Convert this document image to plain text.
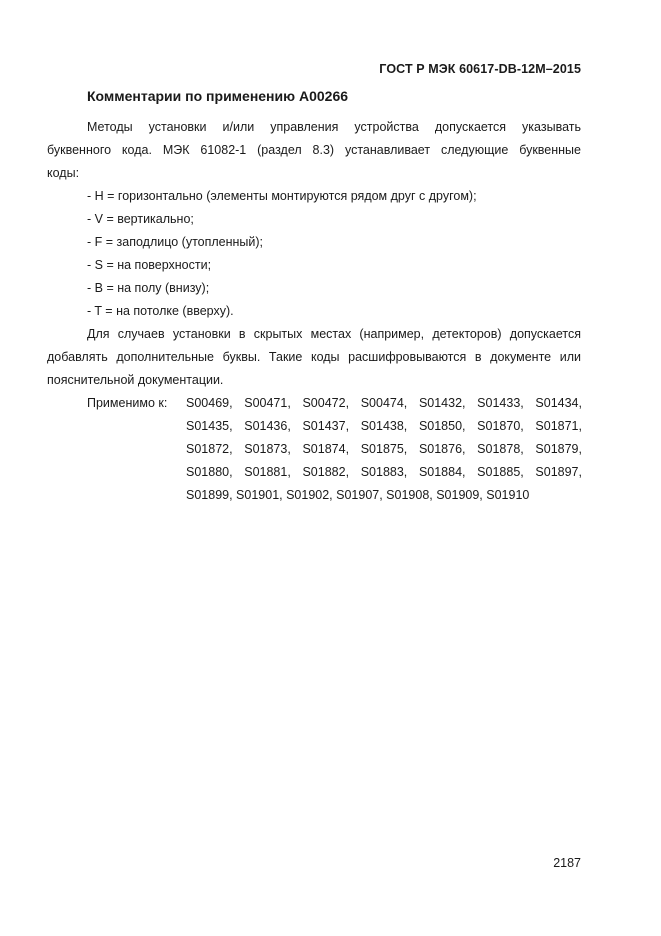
ГОСТ Р МЭК 60617-DB-12M–2015
Комментарии по применению A00266
Методы установки и/или управления устройства допускается указывать
буквенного кода. МЭК 61082-1 (раздел 8.3) устанавливает следующие буквенные
коды:
- H = горизонтально (элементы монтируются рядом друг с другом);
- V = вертикально;
- F = заподлицо (утопленный);
- S = на поверхности;
- B = на полу (внизу);
- T = на потолке (вверху).
Для случаев установки в скрытых местах (например, детекторов) допускается
добавлять дополнительные буквы. Такие коды расшифровываются в документе или
пояснительной документации.
Применимо к: S00469, S00471, S00472, S00474, S01432, S01433, S01434,
S01435, S01436, S01437, S01438, S01850, S01870, S01871,
S01872, S01873, S01874, S01875, S01876, S01878, S01879,
S01880, S01881, S01882, S01883, S01884, S01885, S01897,
S01899, S01901, S01902, S01907, S01908, S01909, S01910
2187
